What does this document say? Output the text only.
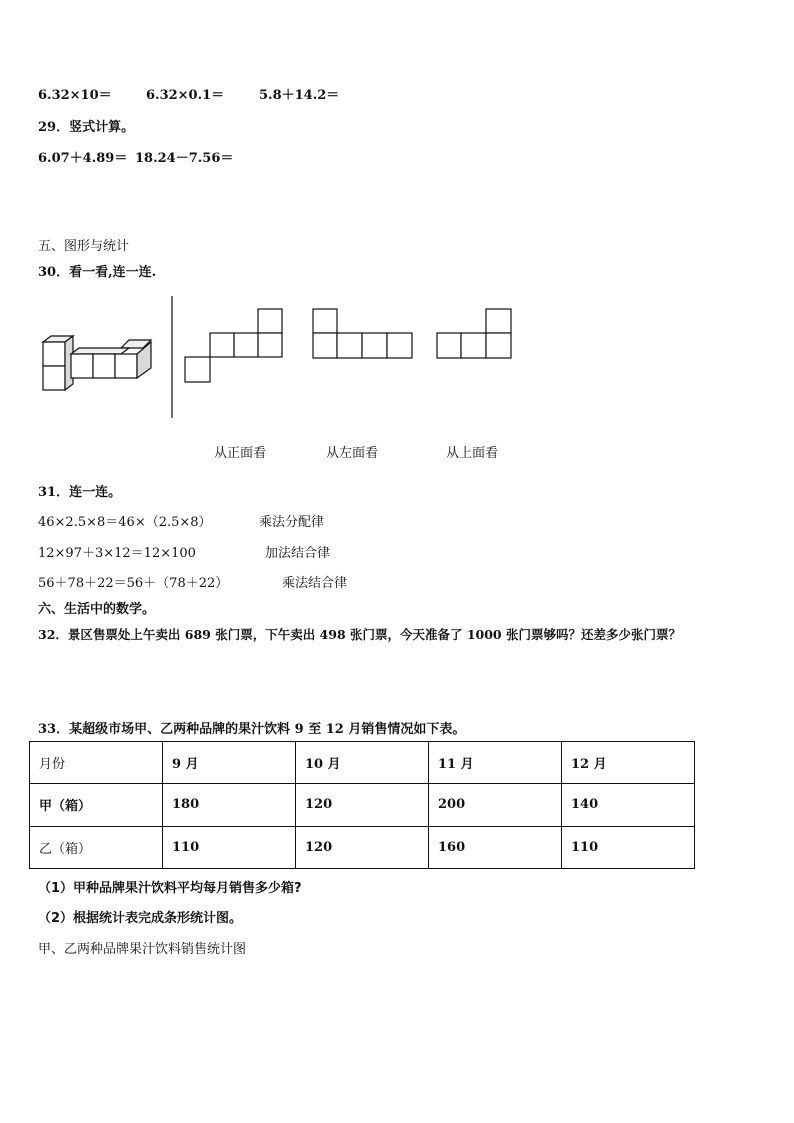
6.32×10＝	6.32×0.1＝	5.8＋14.2＝
29．竖式计算。
6.07＋4.89＝ 18.24－7.56＝
五、图形与统计
30．看一看,连一连.
从正面看	从左面看	从上面看
31．连一连。
46×2.5×8＝46×（2.5×8）
12×97＋3×12＝12×100
56＋78＋22＝56＋（78＋22）
乘法分配律
加法结合律
乘法结合律
六、生活中的数学。
32．景区售票处上午卖出 689 张门票，下午卖出 498 张门票，今天准备了 1000 张门票够吗？还差多少张门票？
33．某超级市场甲、乙两种品牌的果汁饮料 9 至 12 月销售情况如下表。
月份	9 月	10 月	11 月	12 月
甲（箱）	180	120	200	140
乙（箱）	110	120	160	110
（1）甲种品牌果汁饮料平均每月销售多少箱?
（2）根据统计表完成条形统计图。
甲、乙两种品牌果汁饮料销售统计图
